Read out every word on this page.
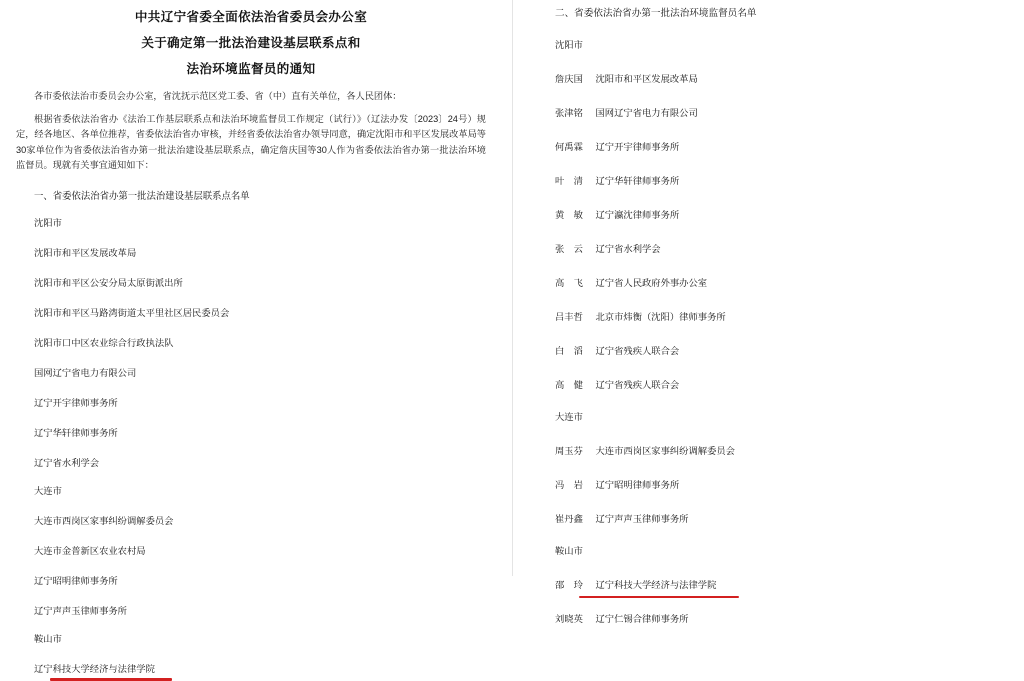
中共辽宁省委全面依法治省委员会办公室
关于确定第一批法治建设基层联系点和
法治环境监督员的通知
各市委依法治市委员会办公室，省沈抚示范区党工委、省（中）直有关单位，各人民团体：
根据省委依法治省办《法治工作基层联系点和法治环境监督员工作规定（试行）》（辽法办发〔2023〕24号）规定，经各地区、各单位推荐，省委依法治省办审核，并经省委依法治省办领导同意，确定沈阳市和平区发展改革局等30家单位作为省委依法治省办第一批法治建设基层联系点，确定詹庆国等30人作为省委依法治省办第一批法治环境监督员。现就有关事宜通知如下：
一、省委依法治省办第一批法治建设基层联系点名单
沈阳市
沈阳市和平区发展改革局
沈阳市和平区公安分局太原街派出所
沈阳市和平区马路湾街道太平里社区居民委员会
沈阳市口中区农业综合行政执法队
国网辽宁省电力有限公司
辽宁开宇律师事务所
辽宁华轩律师事务所
辽宁省水利学会
大连市
大连市西岗区家事纠纷调解委员会
大连市金普新区农业农村局
辽宁昭明律师事务所
辽宁声声玉律师事务所
鞍山市
辽宁科技大学经济与法律学院
二、省委依法治省办第一批法治环境监督员名单
沈阳市
詹庆国 沈阳市和平区发展改革局
张津铭 国网辽宁省电力有限公司
何禹霖 辽宁开宇律师事务所
叶　清 辽宁华轩律师事务所
黄　敏 辽宁瀛沈律师事务所
张　云 辽宁省水利学会
高　飞 辽宁省人民政府外事办公室
吕丰哲 北京市炜衡（沈阳）律师事务所
白　滔 辽宁省残疾人联合会
高　健 辽宁省残疾人联合会
大连市
周玉芬 大连市西岗区家事纠纷调解委员会
冯　岩 辽宁昭明律师事务所
崔丹鑫 辽宁声声玉律师事务所
鞍山市
邵　玲 辽宁科技大学经济与法律学院
刘晓英 辽宁仁锡合律师事务所
